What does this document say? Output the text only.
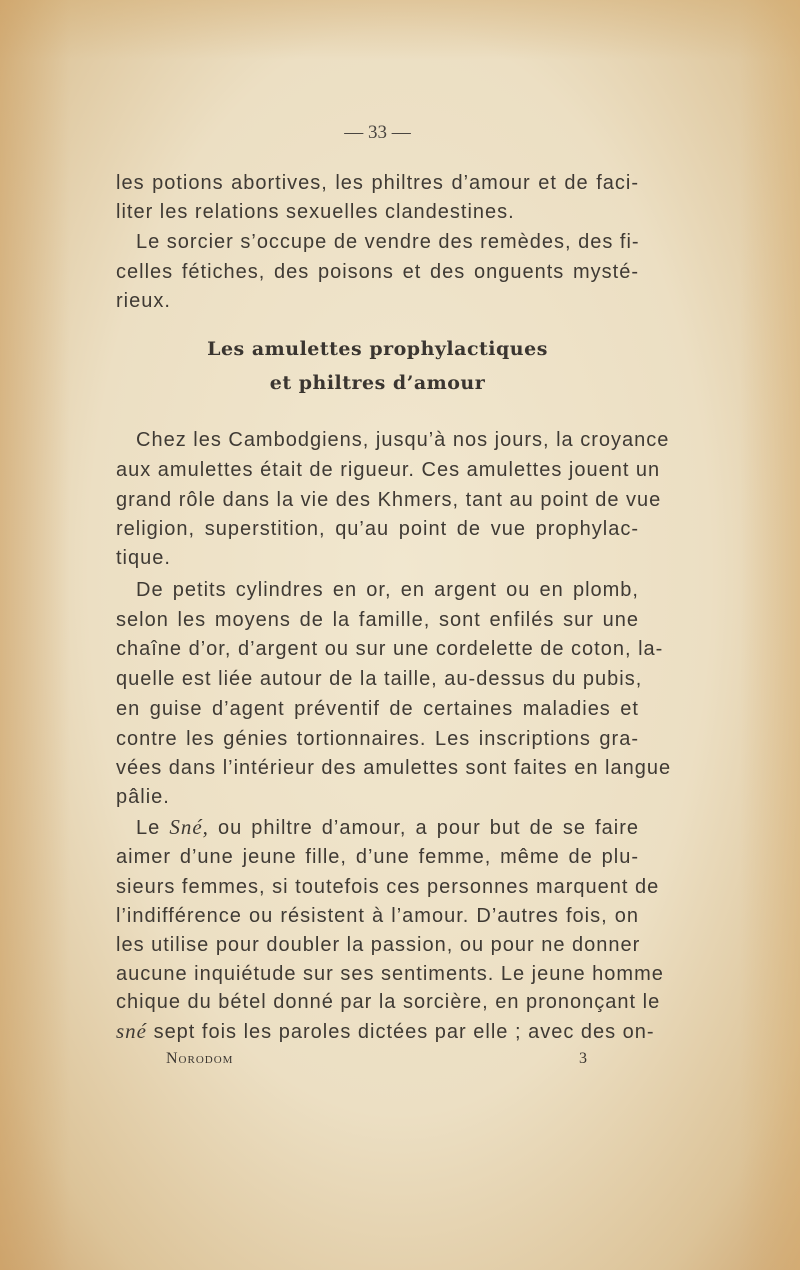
— 33 —
les potions abortives, les philtres d’amour et de faci-
liter les relations sexuelles clandestines.
Le sorcier s’occupe de vendre des remèdes, des fi-
celles fétiches, des poisons et des onguents mysté-
rieux.
Les amulettes prophylactiques
et philtres d’amour
Chez les Cambodgiens, jusqu’à nos jours, la croyance
aux amulettes était de rigueur. Ces amulettes jouent un
grand rôle dans la vie des Khmers, tant au point de vue
religion, superstition, qu’au point de vue prophylac-
tique.
De petits cylindres en or, en argent ou en plomb,
selon les moyens de la famille, sont enfilés sur une
chaîne d’or, d’argent ou sur une cordelette de coton, la-
quelle est liée autour de la taille, au-dessus du pubis,
en guise d’agent préventif de certaines maladies et
contre les génies tortionnaires. Les inscriptions gra-
vées dans l’intérieur des amulettes sont faites en langue
pâlie.
Le Sné, ou philtre d’amour, a pour but de se faire
aimer d’une jeune fille, d’une femme, même de plu-
sieurs femmes, si toutefois ces personnes marquent de
l’indifférence ou résistent à l’amour. D’autres fois, on
les utilise pour doubler la passion, ou pour ne donner
aucune inquiétude sur ses sentiments. Le jeune homme
chique du bétel donné par la sorcière, en prononçant le
sné sept fois les paroles dictées par elle ; avec des on-
Norodom	3
